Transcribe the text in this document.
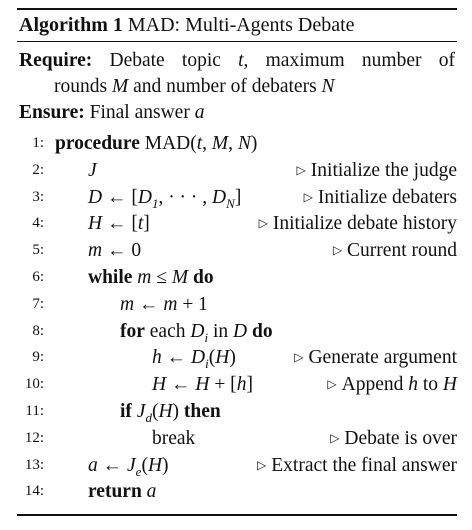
Algorithm 1 MAD: Multi-Agents Debate
Require: Debate topic t, maximum number of
rounds M and number of debaters N
Ensure: Final answer a
1: procedure MAD(t, M, N)
2: J	▷ Initialize the judge
3: D ← [$D_1$, · · · , $D_N$]	▷ Initialize debaters
4: H ← [t]	▷ Initialize debate history
5: m ← 0	▷ Current round
6: while m ≤ M do
7:	m ← m + 1
8:	for each $D_i$ in D do
9:	h ← $D_i(H)$	▷ Generate argument
10:	H ← H + [h]	▷ Append h to H
11:	if $J_d(H)$ then
12:	break	▷ Debate is over
13: a ← $J_e(H)$	▷ Extract the final answer
14: return a
